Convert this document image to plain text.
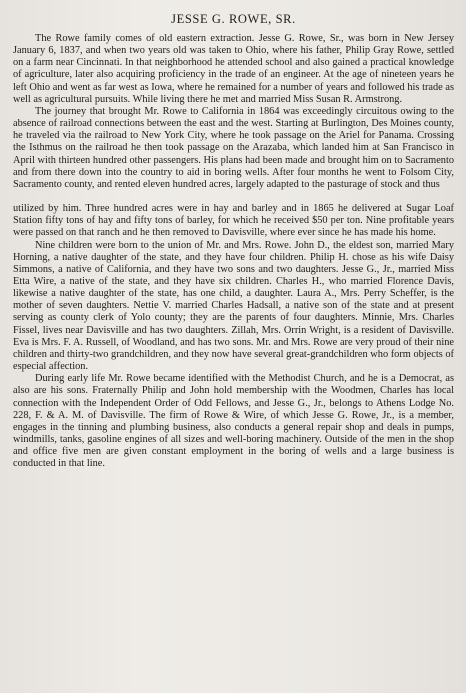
JESSE G. ROWE, SR.

The Rowe family comes of old eastern extraction. Jesse G. Rowe, Sr., was born in New Jersey January 6, 1837, and when two years old was taken to Ohio, where his father, Philip Gray Rowe, settled on a farm near Cincinnati. In that neighborhood he attended school and also gained a practical knowledge of agriculture, later also acquiring proficiency in the trade of an engineer. At the age of nineteen years he left Ohio and went as far west as Iowa, where he remained for a number of years and followed his trade as well as agricultural pursuits. While living there he met and married Miss Susan R. Armstrong.

The journey that brought Mr. Rowe to California in 1864 was exceedingly circuitous owing to the absence of railroad connections between the east and the west. Starting at Burlington, Des Moines county, he traveled via the railroad to New York City, where he took passage on the Ariel for Panama. Crossing the Isthmus on the railroad he then took passage on the Arazaba, which landed him at San Francisco in April with thirteen hundred other passengers. His plans had been made and brought him on to Sacramento and from there down into the country to aid in boring wells. After four months he went to Folsom City, Sacramento county, and rented eleven hundred acres, largely adapted to the pasturage of stock and thus

utilized by him. Three hundred acres were in hay and barley and in 1865 he delivered at Sugar Loaf Station fifty tons of hay and fifty tons of barley, for which he received $50 per ton. Nine profitable years were passed on that ranch and he then removed to Davisville, where ever since he has made his home.

Nine children were born to the union of Mr. and Mrs. Rowe. John D., the eldest son, married Mary Horning, a native daughter of the state, and they have four children. Philip H. chose as his wife Daisy Simmons, a native of California, and they have two sons and two daughters. Jesse G., Jr., married Miss Etta Wire, a native of the state, and they have six children. Charles H., who married Florence Davis, likewise a native daughter of the state, has one child, a daughter. Laura A., Mrs. Perry Scheffer, is the mother of seven daughters. Nettie V. married Charles Hadsall, a native son of the state and at present serving as county clerk of Yolo county; they are the parents of four daughters. Minnie, Mrs. Charles Fissel, lives near Davisville and has two daughters. Zillah, Mrs. Orrin Wright, is a resident of Davisville. Eva is Mrs. F. A. Russell, of Woodland, and has two sons. Mr. and Mrs. Rowe are very proud of their nine children and thirty-two grandchildren, and they now have several great-grandchildren who form objects of especial affection.

During early life Mr. Rowe became identified with the Methodist Church, and he is a Democrat, as also are his sons. Fraternally Philip and John hold membership with the Woodmen, Charles has local connection with the Independent Order of Odd Fellows, and Jesse G., Jr., belongs to Athens Lodge No. 228, F. & A. M. of Davisville. The firm of Rowe & Wire, of which Jesse G. Rowe, Jr., is a member, engages in the tinning and plumbing business, also conducts a general repair shop and deals in pumps, windmills, tanks, gasoline engines of all sizes and well-boring machinery. Outside of the men in the shop and office five men are given constant employment in the boring of wells and a large business is conducted in that line.
